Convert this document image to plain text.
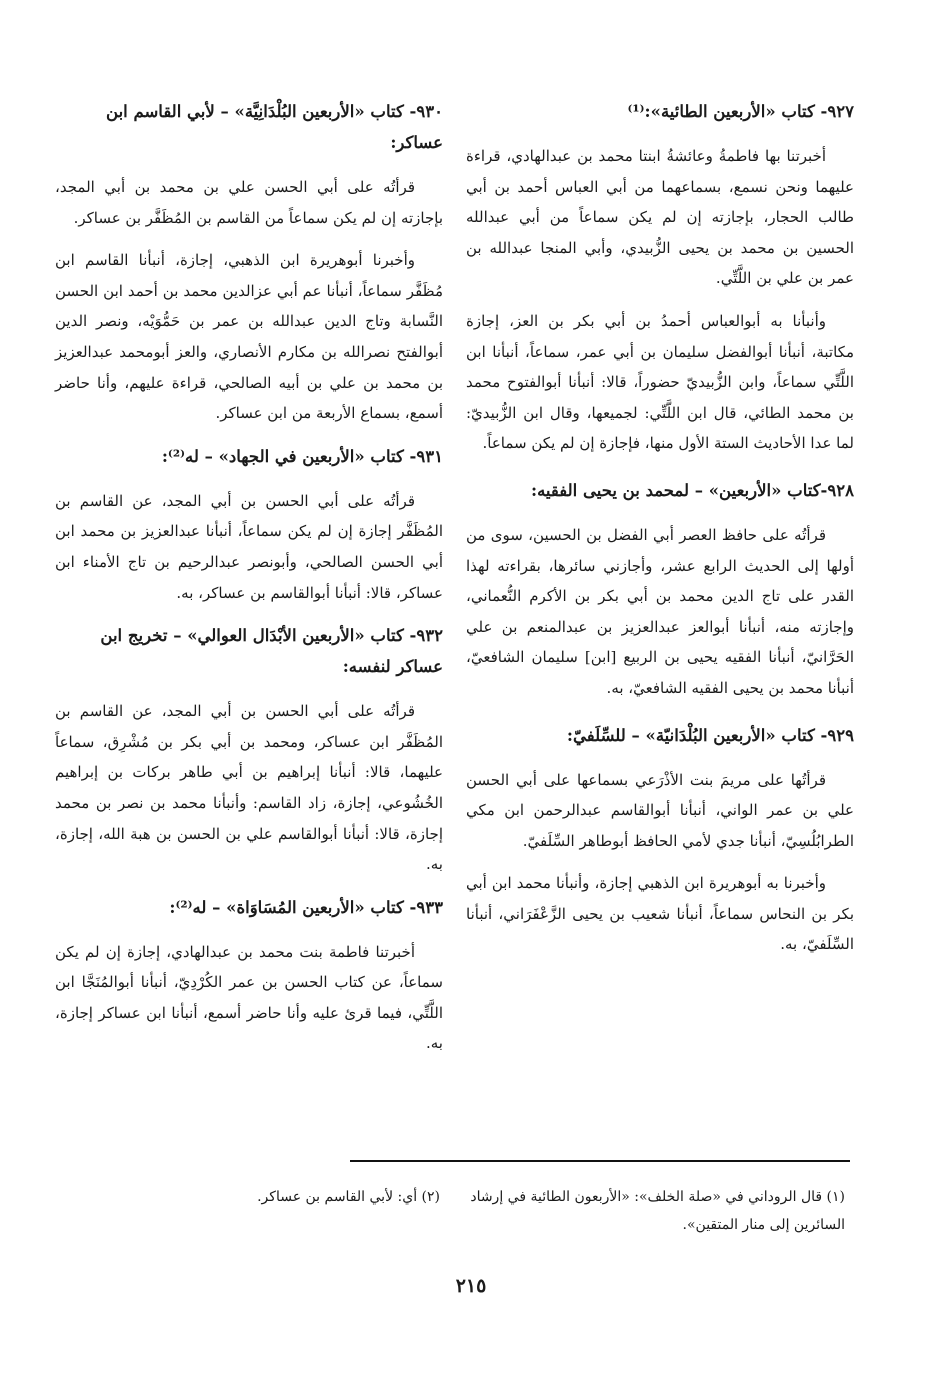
٩٢٧- كتاب «الأربعين الطائية»:⁽¹⁾

أخبرتنا بها فاطمةُ وعائشةُ ابنتا محمد بن عبدالهادي، قراءة عليهما ونحن نسمع، بسماعهما من أبي العباس أحمد بن أبي طالب الحجار، بإجازته إن لم يكن سماعاً من أبي عبدالله الحسين بن محمد بن يحيى الزُّبيدي، وأبي المنجا عبدالله بن عمر بن علي بن اللَّتِّي.

وأنبأنا به أبوالعباس أحمدُ بن أبي بكر بن العز، إجازة مكاتبة، أنبأنا أبوالفضل سليمان بن أبي عمر، سماعاً، أنبأنا ابن اللَّتِّي سماعاً، وابن الزُّبيديّ حضوراً، قالا: أنبأنا أبوالفتوح محمد بن محمد الطائي، قال ابن اللَّتِّي: لجميعها، وقال ابن الزُّبيديّ: لما عدا الأحاديث الستة الأول منها، فإجازة إن لم يكن سماعاً.

٩٢٨-كتاب «الأربعين» – لمحمد بن يحيى الفقيه:

قرأتُه على حافظ العصر أبي الفضل بن الحسين، سوى من أولها إلى الحديث الرابع عشر، وأجازني سائرها، بقراءته لهذا القدر على تاج الدين محمد بن أبي بكر بن الأكرم النُّعماني، وإجازته منه، أنبأنا أبوالعز عبدالعزيز بن عبدالمنعم بن علي الحَرَّانيّ، أنبأنا الفقيه يحيى بن الربيع [ابن] سليمان الشافعيّ، أنبأنا محمد بن يحيى الفقيه الشافعيّ، به.

٩٢٩- كتاب «الأربعين البُلْدَانيّة» – للسِّلَفيّ:

قرأتُها على مريمَ بنت الأذْرَعي بسماعها على أبي الحسن علي بن عمر الواني، أنبأنا أبوالقاسم عبدالرحمن ابن مكي الطرابُلُسِيّ، أنبأنا جدي لأمي الحافظ أبوطاهر السِّلَفيّ.

وأخبرنا به أبوهريرة ابن الذهبي إجازة، وأنبأنا محمد ابن أبي بكر بن النحاس سماعاً، أنبأنا شعيب بن يحيى الزَّعْفَرَاني، أنبأنا السِّلَفيّ، به.

٩٣٠- كتاب «الأربعين البُلْدَانِيَّة» – لأبي القاسم ابن عساكر:

قرأتُه على أبي الحسن علي بن محمد بن أبي المجد، بإجازته إن لم يكن سماعاً من القاسم بن المُظَفَّر بن عساكر.

وأخبرنا أبوهريرة ابن الذهبي، إجازة، أنبأنا القاسم ابن مُظَفَّر سماعاً، أنبأنا عم أبي عزالدين محمد بن أحمد ابن الحسن النَّسابة وتاج الدين عبدالله بن عمر بن حَمُّوَيْه، ونصر الدين أبوالفتح نصرالله بن مكارم الأنصاري، والعز أبومحمد عبدالعزيز بن محمد بن علي بن أبيه الصالحي، قراءة عليهم، وأنا حاضر أسمع، بسماع الأربعة من ابن عساكر.

٩٣١- كتاب «الأربعين في الجهاد» – له⁽²⁾:

قرأتُه على أبي الحسن بن أبي المجد، عن القاسم بن المُظَفَّر إجازة إن لم يكن سماعاً، أنبأنا عبدالعزيز بن محمد ابن أبي الحسن الصالحي، وأبونصر عبدالرحيم بن تاج الأمناء ابن عساكر، قالا: أنبأنا أبوالقاسم بن عساكر، به.

٩٣٢- كتاب «الأربعين الأبْدَال العوالي» – تخريج ابن عساكر لنفسه:

قرأتُه على أبي الحسن بن أبي المجد، عن القاسم بن المُظَفَّر ابن عساكر، ومحمد بن أبي بكر بن مُشْرِق، سماعاً عليهما، قالا: أنبأنا إبراهيم بن أبي طاهر بركات بن إبراهيم الخُشُوعي، إجازة، زاد القاسم: وأنبأنا محمد بن نصر بن محمد إجازة، قالا: أنبأنا أبوالقاسم علي بن الحسن بن هبة الله، إجازة، به.

٩٣٣- كتاب «الأربعين المُسَاوَاة» – له⁽²⁾:

أخبرتنا فاطمة بنت محمد بن عبدالهادي، إجازة إن لم يكن سماعاً، عن كتاب الحسن بن عمر الكُرْدِيّ، أنبأنا أبوالمُنَجَّا ابن اللَّتِّي، فيما قرئ عليه وأنا حاضر أسمع، أنبأنا ابن عساكر إجازة، به.

(١) قال الروداني في «صلة الخلف»: «الأربعون الطائية في إرشاد السائرين إلى منار المتقين».
(٢) أي: لأبي القاسم بن عساكر.
٢١٥
